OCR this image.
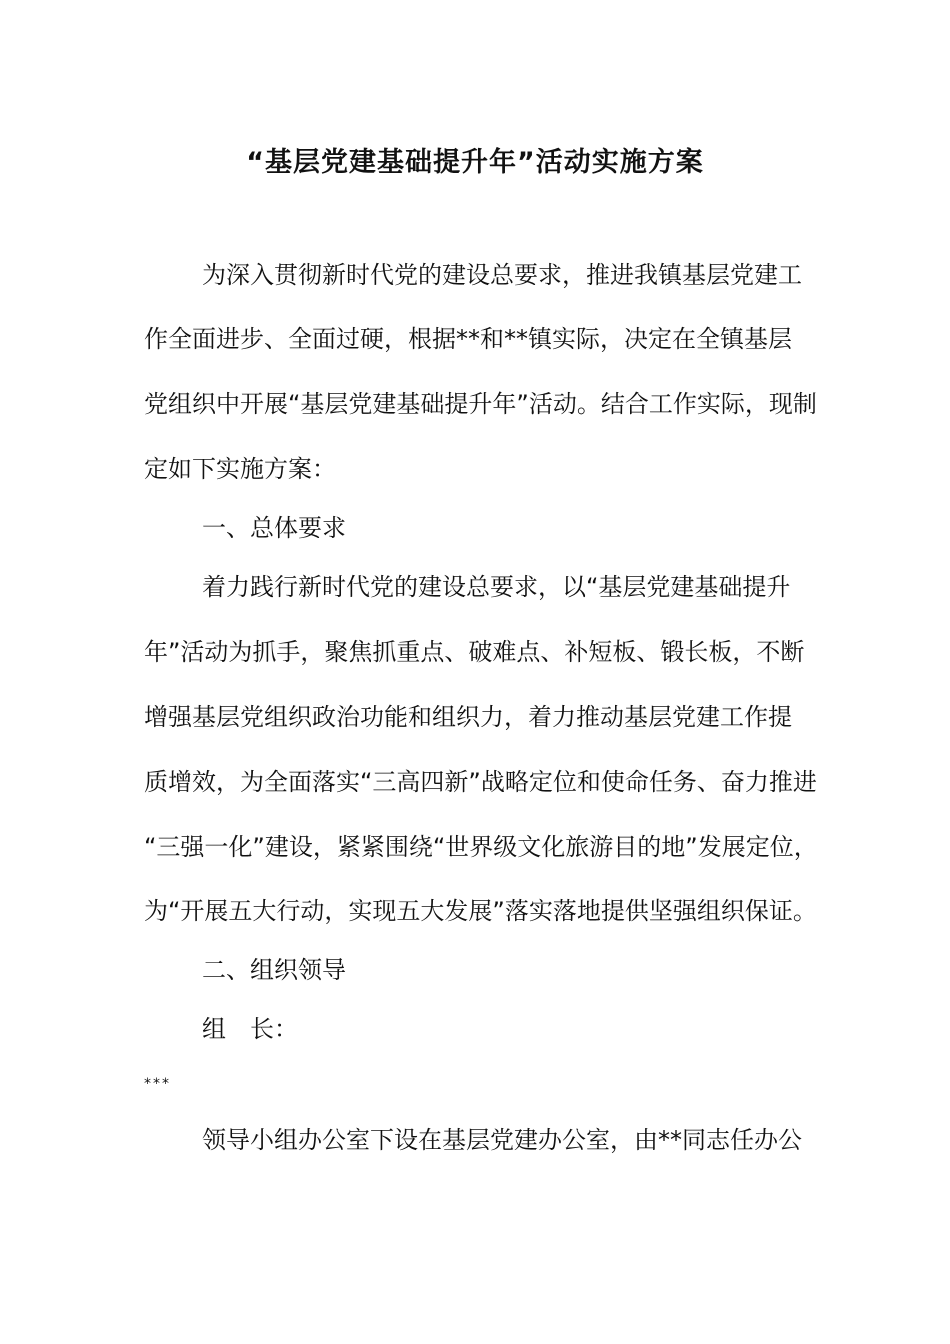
“基层党建基础提升年”活动实施方案
为深入贯彻新时代党的建设总要求，推进我镇基层党建工
作全面进步、全面过硬，根据**和**镇实际，决定在全镇基层
党组织中开展“基层党建基础提升年”活动。结合工作实际，现制
定如下实施方案：
一、总体要求
着力践行新时代党的建设总要求，以“基层党建基础提升
年”活动为抓手，聚焦抓重点、破难点、补短板、锻长板，不断
增强基层党组织政治功能和组织力，着力推动基层党建工作提
质增效，为全面落实“三高四新”战略定位和使命任务、奋力推进
“三强一化”建设，紧紧围绕“世界级文化旅游目的地”发展定位，
为“开展五大行动，实现五大发展”落实落地提供坚强组织保证。
二、组织领导
组　长：
***
领导小组办公室下设在基层党建办公室，由**同志任办公
